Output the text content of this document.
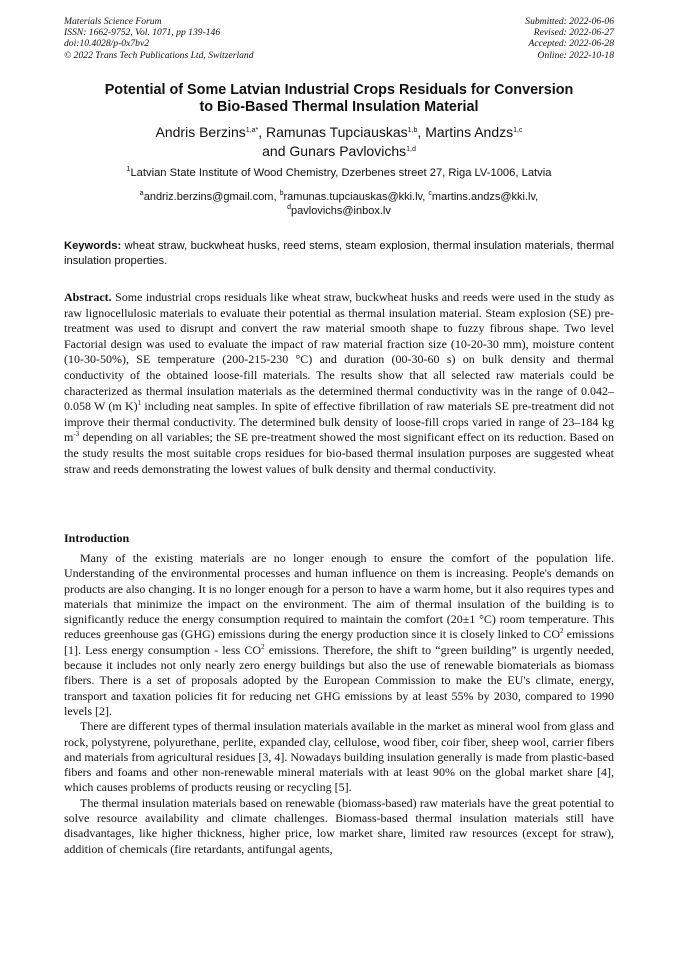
Materials Science Forum
ISSN: 1662-9752, Vol. 1071, pp 139-146
doi:10.4028/p-0x7bv2
© 2022 Trans Tech Publications Ltd, Switzerland
Submitted: 2022-06-06
Revised: 2022-06-27
Accepted: 2022-06-28
Online: 2022-10-18
Potential of Some Latvian Industrial Crops Residuals for Conversion
to Bio-Based Thermal Insulation Material
Andris Berzins$^{1,a*}$, Ramunas Tupciauskas$^{1,b}$, Martins Andzs$^{1,c}$
and Gunars Pavlovichs$^{1,d}$
$^1$Latvian State Institute of Wood Chemistry, Dzerbenes street 27, Riga LV-1006, Latvia
$^a$andriz.berzins@gmail.com, $^b$ramunas.tupciauskas@kki.lv, $^c$martins.andzs@kki.lv,
$^d$pavlovichs@inbox.lv
Keywords: wheat straw, buckwheat husks, reed stems, steam explosion, thermal insulation materials, thermal insulation properties.
Abstract. Some industrial crops residuals like wheat straw, buckwheat husks and reeds were used in the study as raw lignocellulosic materials to evaluate their potential as thermal insulation material. Steam explosion (SE) pre-treatment was used to disrupt and convert the raw material smooth shape to fuzzy fibrous shape. Two level Factorial design was used to evaluate the impact of raw material fraction size (10-20-30 mm), moisture content (10-30-50%), SE temperature (200-215-230 °C) and duration (00-30-60 s) on bulk density and thermal conductivity of the obtained loose-fill materials. The results show that all selected raw materials could be characterized as thermal insulation materials as the determined thermal conductivity was in the range of 0.042–0.058 W (m K)$^1$ including neat samples. In spite of effective fibrillation of raw materials SE pre-treatment did not improve their thermal conductivity. The determined bulk density of loose-fill crops varied in range of 23–184 kg $m^{-3}$ depending on all variables; the SE pre-treatment showed the most significant effect on its reduction. Based on the study results the most suitable crops residues for bio-based thermal insulation purposes are suggested wheat straw and reeds demonstrating the lowest values of bulk density and thermal conductivity.
Introduction

Many of the existing materials are no longer enough to ensure the comfort of the population life. Understanding of the environmental processes and human influence on them is increasing. People's demands on products are also changing. It is no longer enough for a person to have a warm home, but it also requires types and materials that minimize the impact on the environment. The aim of thermal insulation of the building is to significantly reduce the energy consumption required to maintain the comfort (20±1 °C) room temperature. This reduces greenhouse gas (GHG) emissions during the energy production since it is closely linked to $CO^2$ emissions [1]. Less energy consumption - less $CO^2$ emissions. Therefore, the shift to “green building” is urgently needed, because it includes not only nearly zero energy buildings but also the use of renewable biomaterials as biomass fibers. There is a set of proposals adopted by the European Commission to make the EU's climate, energy, transport and taxation policies fit for reducing net GHG emissions by at least 55% by 2030, compared to 1990 levels [2].

There are different types of thermal insulation materials available in the market as mineral wool from glass and rock, polystyrene, polyurethane, perlite, expanded clay, cellulose, wood fiber, coir fiber, sheep wool, carrier fibers and materials from agricultural residues [3, 4]. Nowadays building insulation generally is made from plastic-based fibers and foams and other non-renewable mineral materials with at least 90% on the global market share [4], which causes problems of products reusing or recycling [5].

The thermal insulation materials based on renewable (biomass-based) raw materials have the great potential to solve resource availability and climate challenges. Biomass-based thermal insulation materials still have disadvantages, like higher thickness, higher price, low market share, limited raw resources (except for straw), addition of chemicals (fire retardants, antifungal agents,
